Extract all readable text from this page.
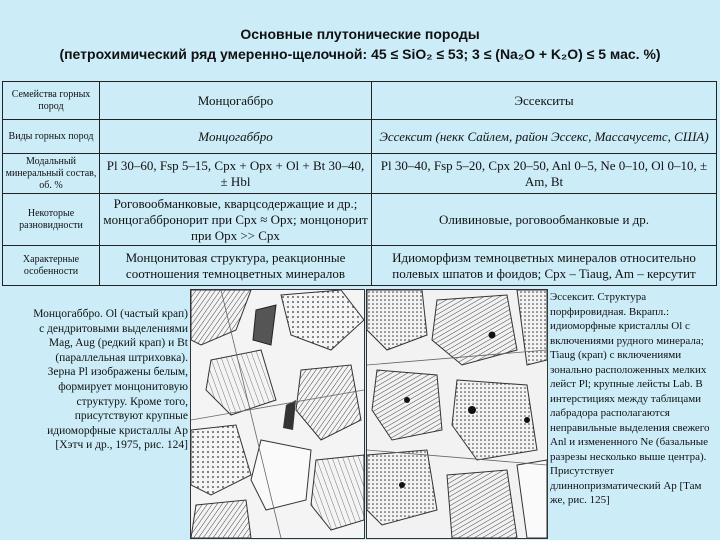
Основные плутонические породы
(петрохимический ряд умеренно-щелочной: 45 ≤ SiO₂ ≤ 53; 3 ≤ (Na₂O + K₂O) ≤ 5 мас. %)
Семейства горных пород	Монцогаббро	Эссекситы
Виды горных пород	Монцогаббро	Эссексит (некк Сайлем, район Эссекс, Массачусетс, США)
Модальный минеральный состав, об. %	Pl 30–60, Fsp 5–15, Cpx + Opx + Ol + Bt 30–40, ± Hbl	Pl 30–40, Fsp 5–20, Cpx 20–50, Anl 0–5, Ne 0–10, Ol 0–10, ± Am, Bt
Некоторые разновидности	Роговообманковые, кварцсодержащие и др.; монцогаббронорит при Cpx ≈ Opx; монцонорит при Opx >> Cpx	Оливиновые, роговообманковые и др.
Характерные особенности	Монцонитовая структура, реакционные соотношения темноцветных минералов	Идиоморфизм темноцветных минералов относительно полевых шпатов и фоидов; Cpx – Tiaug, Am – керсутит
Монцогаббро. Ol (частый крап) с дендритовыми выделениями Mag, Aug (редкий крап) и Bt (параллельная штриховка). Зерна Pl изображены белым, формирует монцонитовую структуру. Кроме того, присутствуют крупные идиоморфные кристаллы Ap [Хэтч и др., 1975, рис. 124]
Эссексит. Структура порфировидная. Вкрапл.: идиоморфные кристаллы Ol с включениями рудного минерала; Tiaug (крап) с включениями зонально расположенных мелких лейст Pl; крупные лейсты Lab. В интерстициях между таблицами лабрадора располагаются неправильные выделения свежего Anl и измененного Ne (базальные разрезы несколько выше центра). Присутствует длиннопризматический Ap [Там же, рис. 125]
